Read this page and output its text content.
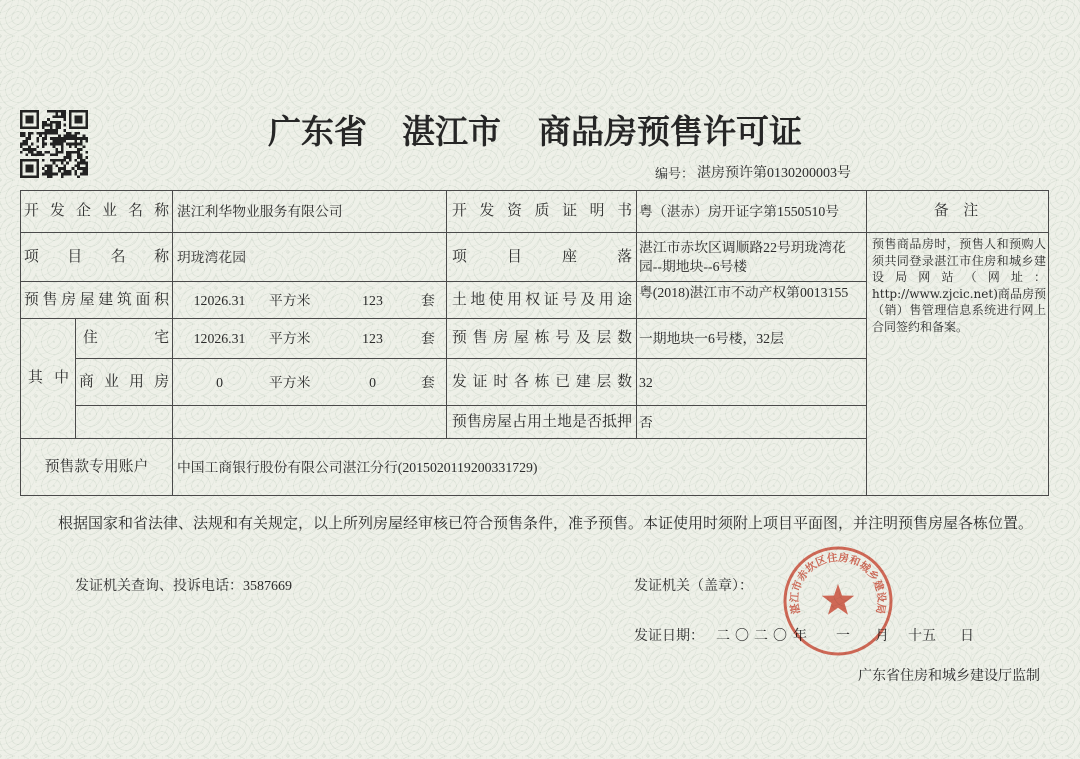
广东省 湛江市 商品房预售许可证
编号： 湛房预许第0130200003号
开发企业名称		湛江利华物业服务有限公司	开发资质证明书	粤（湛赤）房开证字第1550510号	备注
项目名称		玥珑湾花园	项目座落	湛江市赤坎区调顺路22号玥珑湾花园--期地块--6号楼	预售商品房时，预售人和预购人须共同登录湛江市住房和城乡建设局网站（网址：http://www.zjcic.net)商品房预（销）售管理信息系统进行网上合同签约和备案。
预售房屋建筑面积		12026.31 平方米 123 套	土地使用权证号及用途	粤(2018)湛江市不动产权第0013155	
其中	住宅	12026.31 平方米 123 套	预售房屋栋号及层数	一期地块一6号楼，32层	
	商业用房	0 平方米 0 套	发证时各栋已建层数	32	
			预售房屋占用土地是否抵押	否	
预售款专用账户		中国工商银行股份有限公司湛江分行(2015020119200331729)			
根据国家和省法律、法规和有关规定，以上所列房屋经审核已符合预售条件，准予预售。本证使用时须附上项目平面图，并注明预售房屋各栋位置。
发证机关查询、投诉电话：3587669	发证机关（盖章）：
发证日期： 二〇二〇 年 一 月 十五 日
广东省住房和城乡建设厅监制
湛江市赤坎区住房和城乡建设局
